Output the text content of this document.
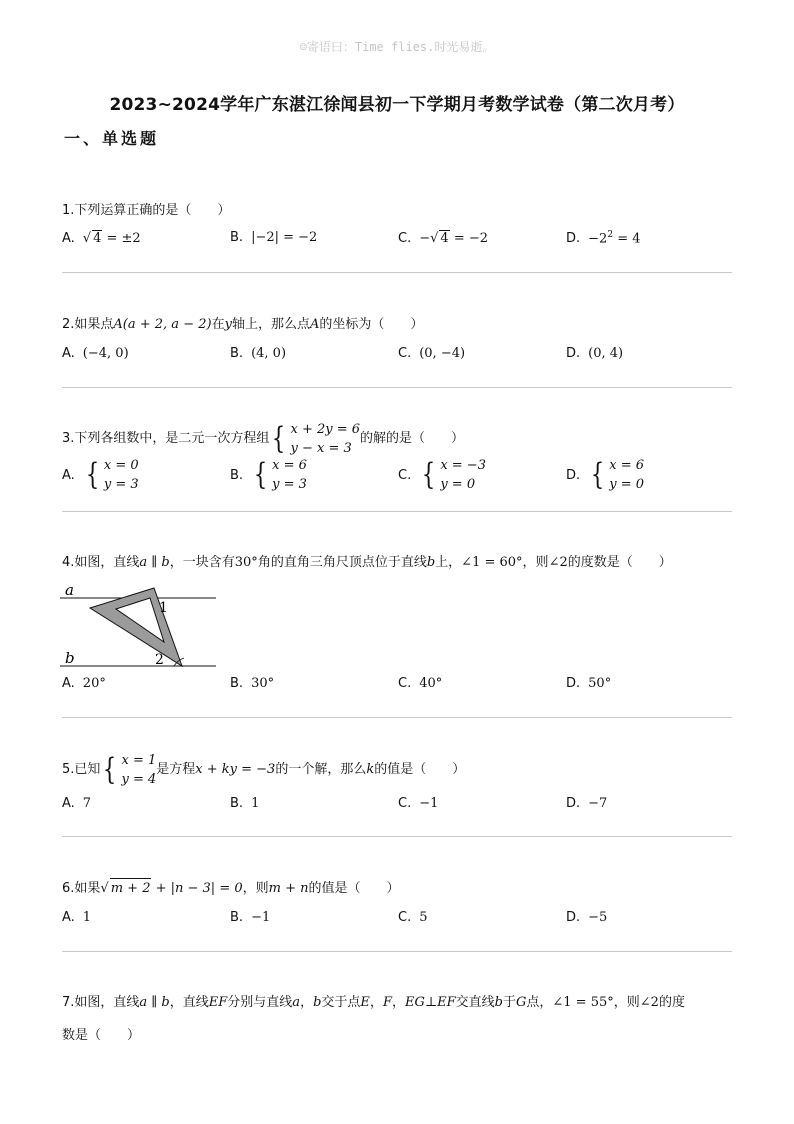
☺寄语曰：Time flies.时光易逝。
2023~2024学年广东湛江徐闻县初一下学期月考数学试卷（第二次月考）
一、单选题
1.下列运算正确的是（　　）
A. √ 4 = ±2	B. |−2| = −2	C. −√ 4 = −2	D. $-2^2 = 4$
2.如果点A(a + 2, a − 2)在y轴上，那么点A的坐标为（　　）
A. (−4, 0)	B. (4, 0)	C. (0, −4)	D. (0, 4)
3.下列各组数中，是二元一次方程组 { x + 2y = 6
y − x = 3
的解的是（　　）
A. { x = 0
y = 3
B. { x = 6
y = 3
C. { x = −3
y = 0
D. { x = 6
y = 0
4.如图，直线a ∥ b，一块含有30°角的直角三角尺顶点位于直线b上，∠1 = 60°，则∠2的度数是（　　）
a
b
1
2
A. 20°	B. 30°	C. 40°	D. 50°
5.已知 { x = 1
y = 4
是方程 x + ky = −3 的一个解，那么 k 的值是（　　）
A. 7	B. 1	C. −1	D. −7
6.如果√ m + 2 + |n − 3| = 0，则m + n的值是（　　）
A. 1	B. −1	C. 5	D. −5
7.如图，直线a ∥ b，直线EF分别与直线a，b交于点E，F，EG⊥EF交直线b于G点，∠1 = 55°，则∠2的度
数是（　　）
